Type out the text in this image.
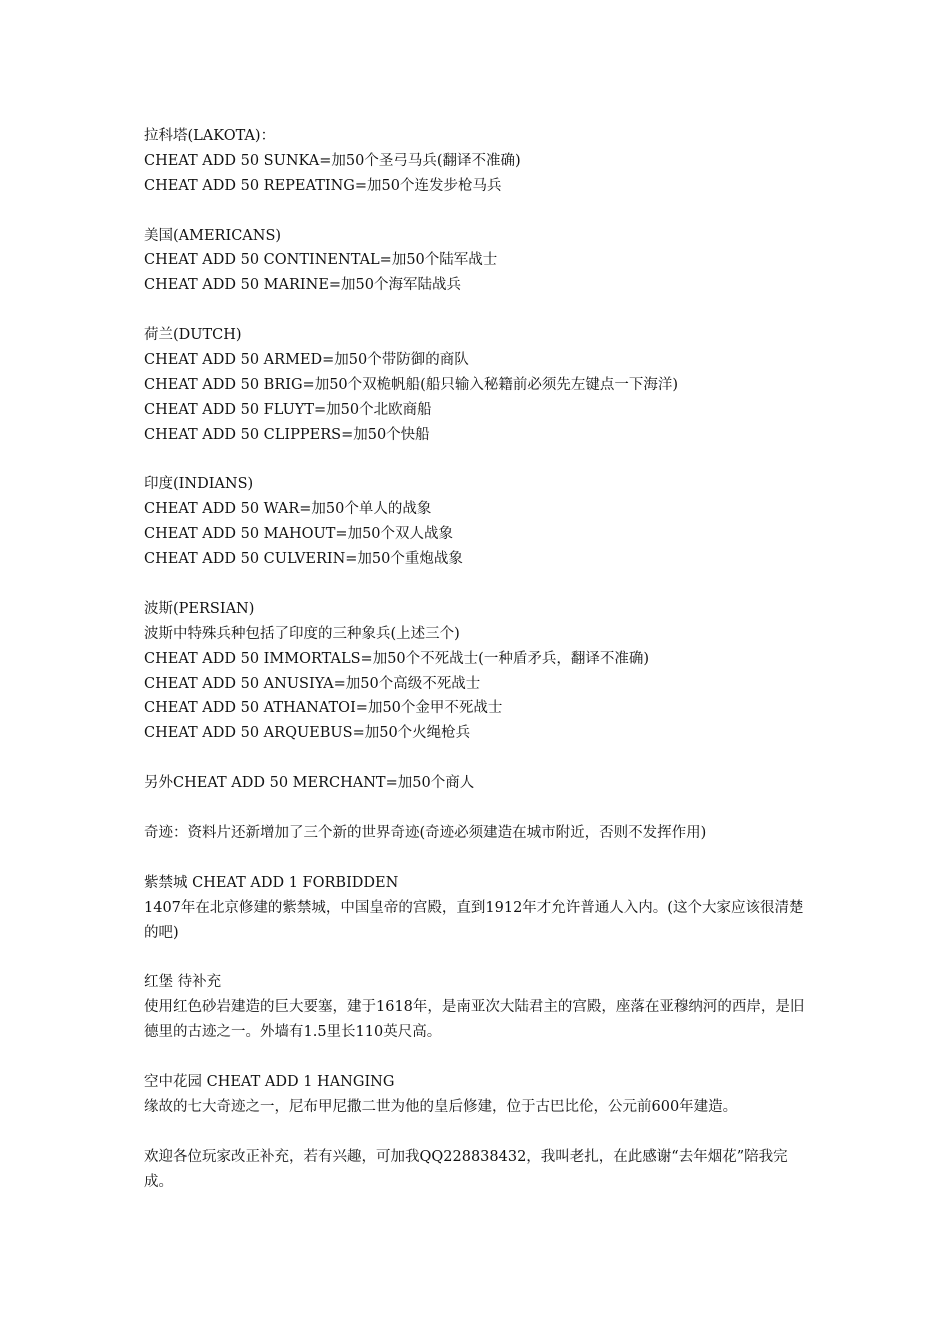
拉科塔(LAKOTA)：
CHEAT ADD 50 SUNKA=加50个圣弓马兵(翻译不准确)
CHEAT ADD 50 REPEATING=加50个连发步枪马兵
美国(AMERICANS)
CHEAT ADD 50 CONTINENTAL=加50个陆军战士
CHEAT ADD 50 MARINE=加50个海军陆战兵
荷兰(DUTCH)
CHEAT ADD 50 ARMED=加50个带防御的商队
CHEAT ADD 50 BRIG=加50个双桅帆船(船只输入秘籍前必须先左键点一下海洋)
CHEAT ADD 50 FLUYT=加50个北欧商船
CHEAT ADD 50 CLIPPERS=加50个快船
印度(INDIANS)
CHEAT ADD 50 WAR=加50个单人的战象
CHEAT ADD 50 MAHOUT=加50个双人战象
CHEAT ADD 50 CULVERIN=加50个重炮战象
波斯(PERSIAN)
波斯中特殊兵种包括了印度的三种象兵(上述三个)
CHEAT ADD 50 IMMORTALS=加50个不死战士(一种盾矛兵，翻译不准确)
CHEAT ADD 50 ANUSIYA=加50个高级不死战士
CHEAT ADD 50 ATHANATOI=加50个金甲不死战士
CHEAT ADD 50 ARQUEBUS=加50个火绳枪兵
另外CHEAT ADD 50 MERCHANT=加50个商人
奇迹：资料片还新增加了三个新的世界奇迹(奇迹必须建造在城市附近，否则不发挥作用)
紫禁城 CHEAT ADD 1 FORBIDDEN
1407年在北京修建的紫禁城，中国皇帝的宫殿，直到1912年才允许普通人入内。(这个大家应该很清楚的吧)
红堡 待补充
使用红色砂岩建造的巨大要塞，建于1618年，是南亚次大陆君主的宫殿，座落在亚穆纳河的西岸，是旧德里的古迹之一。外墙有1.5里长110英尺高。
空中花园 CHEAT ADD 1 HANGING
缘故的七大奇迹之一，尼布甲尼撒二世为他的皇后修建，位于古巴比伦，公元前600年建造。
欢迎各位玩家改正补充，若有兴趣，可加我QQ228838432，我叫老扎，在此感谢“去年烟花”陪我完成。
